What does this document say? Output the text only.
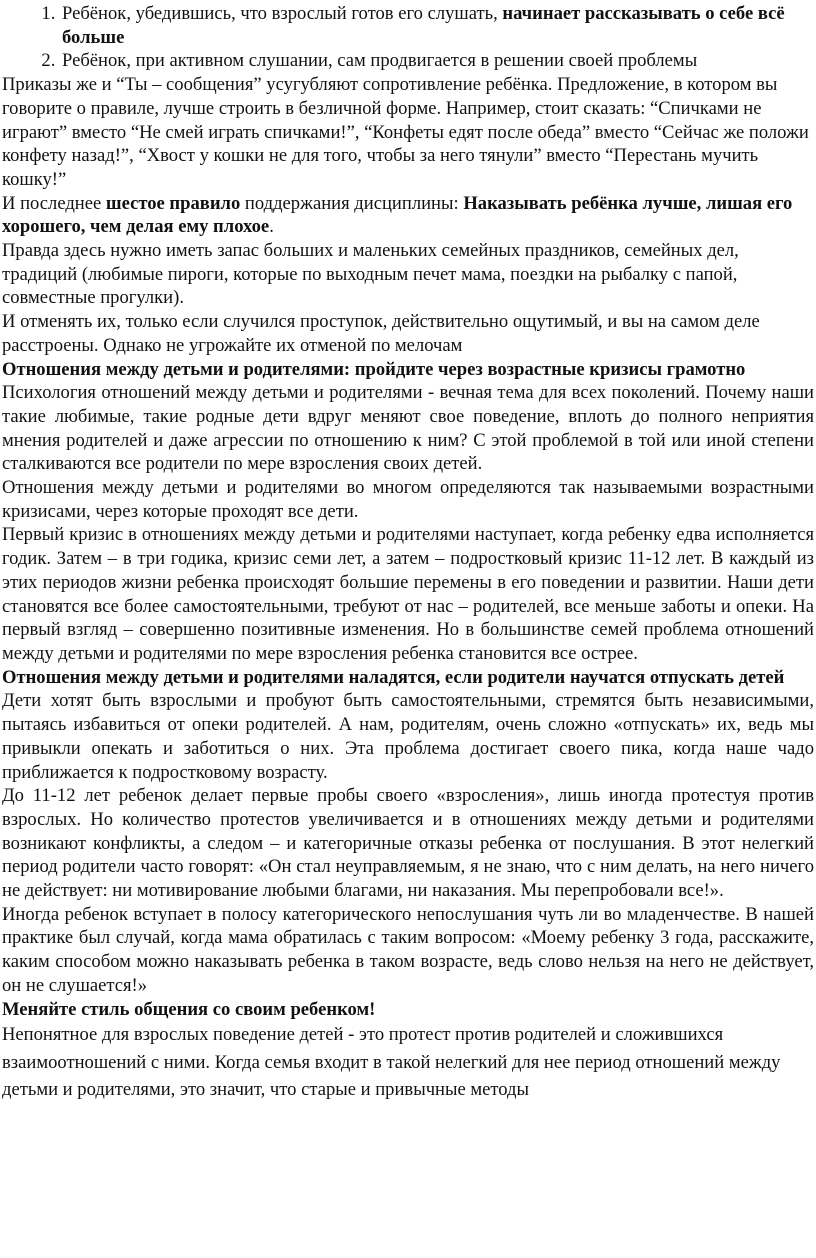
1. Ребёнок, убедившись, что взрослый готов его слушать, начинает рассказывать о себе всё больше
2. Ребёнок, при активном слушании, сам продвигается в решении своей проблемы

Приказы же и “Ты – сообщения” усугубляют сопротивление ребёнка. Предложение, в котором вы говорите о правиле, лучше строить в безличной форме. Например, стоит сказать: “Спичками не играют” вместо “Не смей играть спичками!”, “Конфеты едят после обеда” вместо “Сейчас же положи конфету назад!”, “Хвост у кошки не для того, чтобы за него тянули” вместо “Перестань мучить кошку!”

И последнее шестое правило поддержания дисциплины: Наказывать ребёнка лучше, лишая его хорошего, чем делая ему плохое.

Правда здесь нужно иметь запас больших и маленьких семейных праздников, семейных дел, традиций (любимые пироги, которые по выходным печет мама, поездки на рыбалку с папой, совместные прогулки).

И отменять их, только если случился проступок, действительно ощутимый, и вы на самом деле расстроены. Однако не угрожайте их отменой по мелочам

Отношения между детьми и родителями: пройдите через возрастные кризисы грамотно

Психология отношений между детьми и родителями - вечная тема для всех поколений. Почему наши такие любимые, такие родные дети вдруг меняют свое поведение, вплоть до полного неприятия мнения родителей и даже агрессии по отношению к ним? С этой проблемой в той или иной степени сталкиваются все родители по мере взросления своих детей.

Отношения между детьми и родителями во многом определяются так называемыми возрастными кризисами, через которые проходят все дети.

Первый кризис в отношениях между детьми и родителями наступает, когда ребенку едва исполняется годик. Затем – в три годика, кризис семи лет, а затем – подростковый кризис 11-12 лет. В каждый из этих периодов жизни ребенка происходят большие перемены в его поведении и развитии. Наши дети становятся все более самостоятельными, требуют от нас – родителей, все меньше заботы и опеки. На первый взгляд – совершенно позитивные изменения. Но в большинстве семей проблема отношений между детьми и родителями по мере взросления ребенка становится все острее.

Отношения между детьми и родителями наладятся, если родители научатся отпускать детей

Дети хотят быть взрослыми и пробуют быть самостоятельными, стремятся быть независимыми, пытаясь избавиться от опеки родителей. А нам, родителям, очень сложно «отпускать» их, ведь мы привыкли опекать и заботиться о них. Эта проблема достигает своего пика, когда наше чадо приближается к подростковому возрасту.

До 11-12 лет ребенок делает первые пробы своего «взросления», лишь иногда протестуя против взрослых. Но количество протестов увеличивается и в отношениях между детьми и родителями возникают конфликты, а следом – и категоричные отказы ребенка от послушания. В этот нелегкий период родители часто говорят: «Он стал неуправляемым, я не знаю, что с ним делать, на него ничего не действует: ни мотивирование любыми благами, ни наказания. Мы перепробовали все!».

Иногда ребенок вступает в полосу категорического непослушания чуть ли во младенчестве. В нашей практике был случай, когда мама обратилась с таким вопросом: «Моему ребенку 3 года, расскажите, каким способом можно наказывать ребенка в таком возрасте, ведь слово нельзя на него не действует, он не слушается!»

Меняйте стиль общения со своим ребенком!

Непонятное для взрослых поведение детей - это протест против родителей и сложившихся взаимоотношений с ними. Когда семья входит в такой нелегкий для нее период отношений между детьми и родителями, это значит, что старые и привычные методы
